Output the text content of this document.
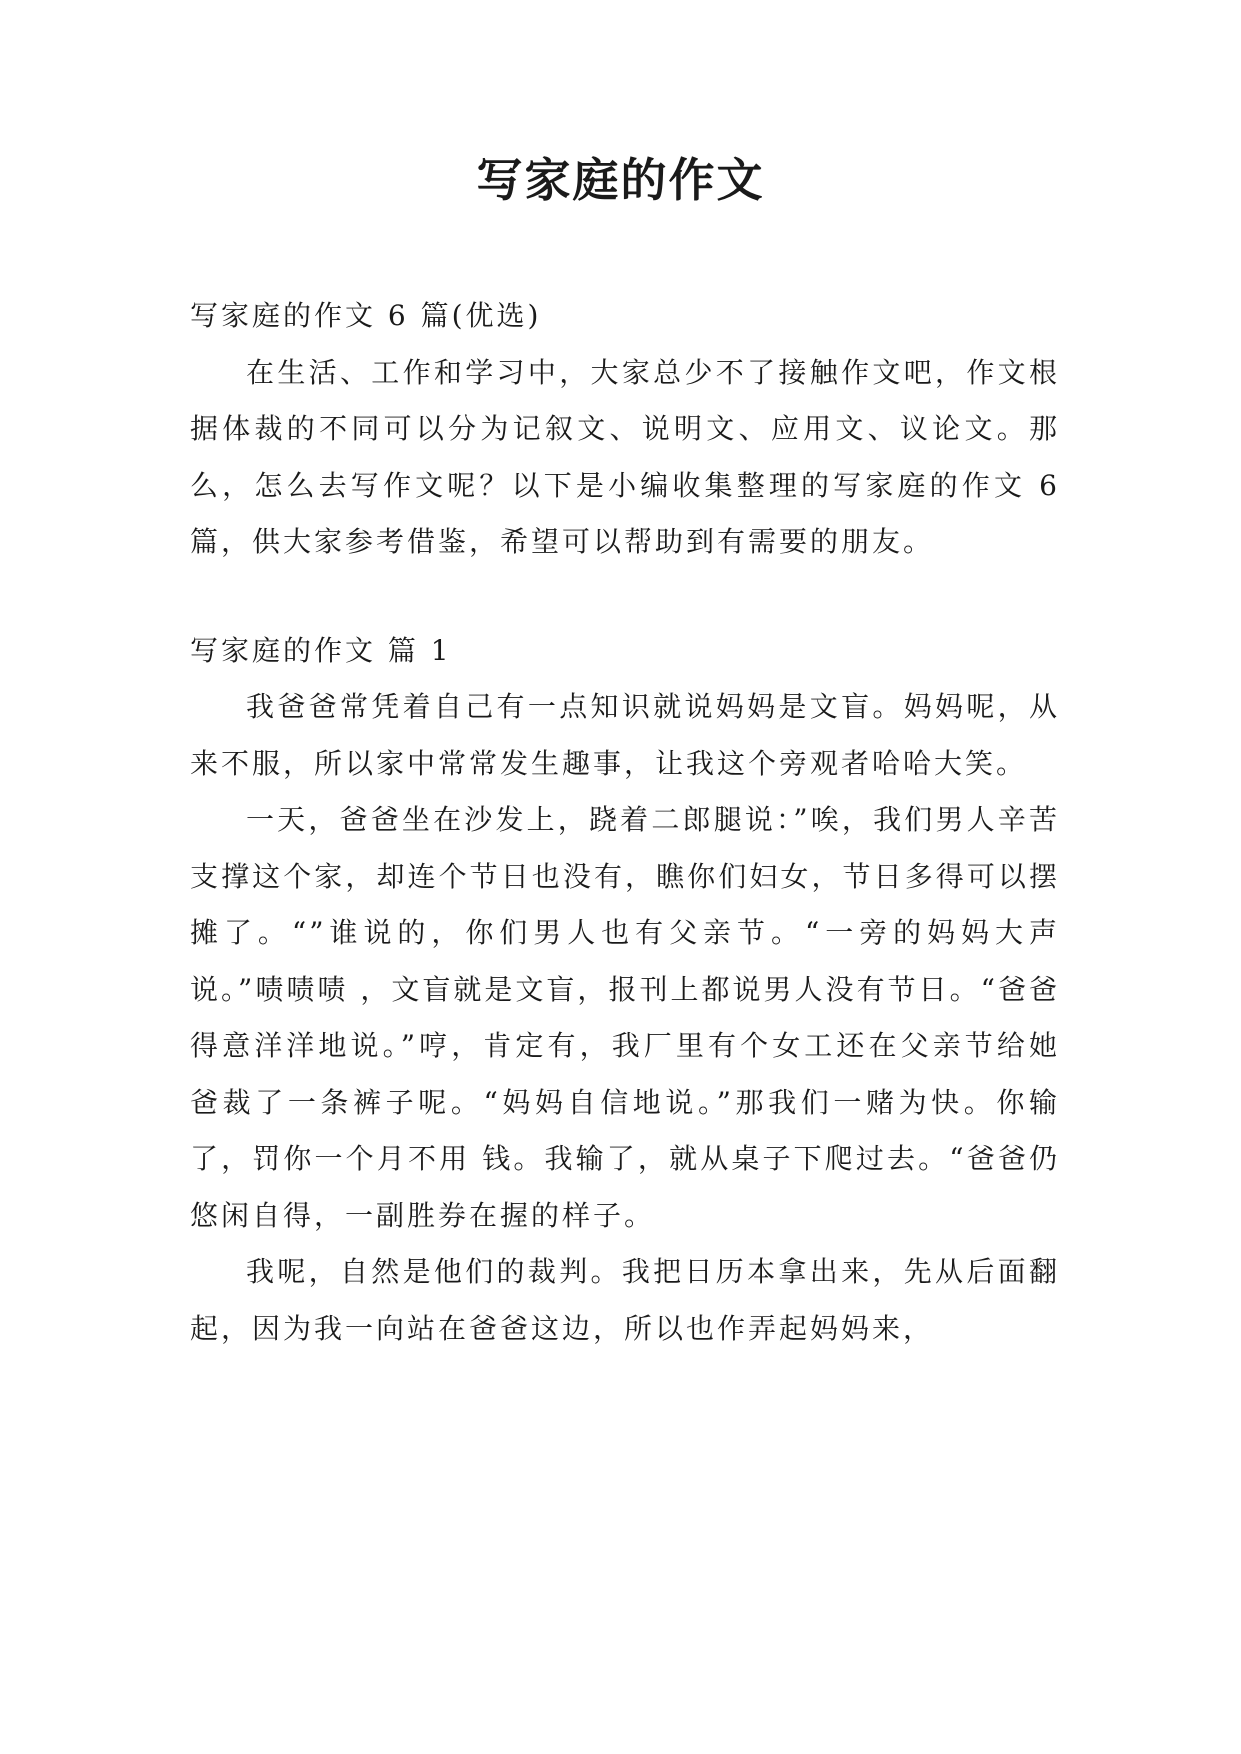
写家庭的作文

写家庭的作文 6 篇(优选)

在生活、工作和学习中，大家总少不了接触作文吧，作文根据体裁的不同可以分为记叙文、说明文、应用文、议论文。那么，怎么去写作文呢？以下是小编收集整理的写家庭的作文 6 篇，供大家参考借鉴，希望可以帮助到有需要的朋友。

写家庭的作文 篇 1

我爸爸常凭着自己有一点知识就说妈妈是文盲。妈妈呢，从来不服，所以家中常常发生趣事，让我这个旁观者哈哈大笑。

一天，爸爸坐在沙发上，跷着二郎腿说：”唉，我们男人辛苦支撑这个家，却连个节日也没有，瞧你们妇女，节日多得可以摆摊了。“”谁说的，你们男人也有父亲节。“一旁的妈妈大声说。”啧啧啧 ，文盲就是文盲，报刊上都说男人没有节日。“爸爸得意洋洋地说。”哼，肯定有，我厂里有个女工还在父亲节给她爸裁了一条裤子呢。“妈妈自信地说。”那我们一赌为快。你输了，罚你一个月不用 钱。我输了，就从桌子下爬过去。“爸爸仍悠闲自得，一副胜券在握的样子。

我呢，自然是他们的裁判。我把日历本拿出来，先从后面翻起，因为我一向站在爸爸这边，所以也作弄起妈妈来，
